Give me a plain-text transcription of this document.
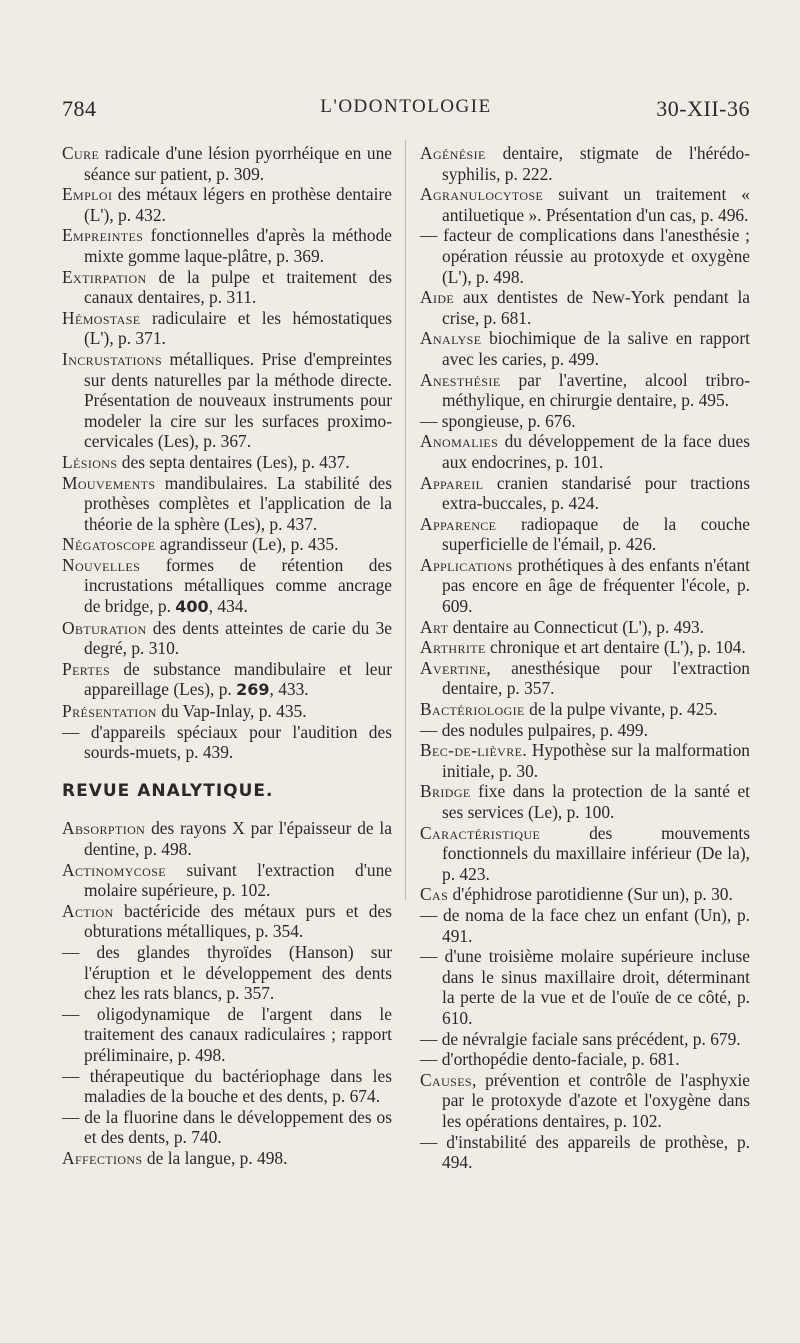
784	L'ODONTOLOGIE	30-XII-36

Cure radicale d'une lésion pyorrhéique en une séance sur patient, p. 309.

Emploi des métaux légers en prothèse dentaire (L'), p. 432.

Empreintes fonctionnelles d'après la méthode mixte gomme laque-plâtre, p. 369.

Extirpation de la pulpe et traitement des canaux dentaires, p. 311.

Hémostase radiculaire et les hémostatiques (L'), p. 371.

Incrustations métalliques. Prise d'empreintes sur dents naturelles par la méthode directe. Présentation de nouveaux instruments pour modeler la cire sur les surfaces proximo-cervicales (Les), p. 367.

Lésions des septa dentaires (Les), p. 437.

Mouvements mandibulaires. La stabilité des prothèses complètes et l'application de la théorie de la sphère (Les), p. 437.

Négatoscope agrandisseur (Le), p. 435.

Nouvelles formes de rétention des incrustations métalliques comme ancrage de bridge, p. 400, 434.

Obturation des dents atteintes de carie du 3e degré, p. 310.

Pertes de substance mandibulaire et leur appareillage (Les), p. 269, 433.

Présentation du Vap-Inlay, p. 435.

— d'appareils spéciaux pour l'audition des sourds-muets, p. 439.

REVUE ANALYTIQUE.

Absorption des rayons X par l'épaisseur de la dentine, p. 498.

Actinomycose suivant l'extraction d'une molaire supérieure, p. 102.

Action bactéricide des métaux purs et des obturations métalliques, p. 354.

— des glandes thyroïdes (Hanson) sur l'éruption et le développement des dents chez les rats blancs, p. 357.

— oligodynamique de l'argent dans le traitement des canaux radiculaires ; rapport préliminaire, p. 498.

— thérapeutique du bactériophage dans les maladies de la bouche et des dents, p. 674.

— de la fluorine dans le développement des os et des dents, p. 740.

Affections de la langue, p. 498.

Agénésie dentaire, stigmate de l'hérédo-syphilis, p. 222.

Agranulocytose suivant un traitement « antiluetique ». Présentation d'un cas, p. 496.

— facteur de complications dans l'anesthésie ; opération réussie au protoxyde et oxygène (L'), p. 498.

Aide aux dentistes de New-York pendant la crise, p. 681.

Analyse biochimique de la salive en rapport avec les caries, p. 499.

Anesthésie par l'avertine, alcool tribro-méthylique, en chirurgie dentaire, p. 495.

— spongieuse, p. 676.

Anomalies du développement de la face dues aux endocrines, p. 101.

Appareil cranien standarisé pour tractions extra-buccales, p. 424.

Apparence radiopaque de la couche superficielle de l'émail, p. 426.

Applications prothétiques à des enfants n'étant pas encore en âge de fréquenter l'école, p. 609.

Art dentaire au Connecticut (L'), p. 493.

Arthrite chronique et art dentaire (L'), p. 104.

Avertine, anesthésique pour l'extraction dentaire, p. 357.

Bactériologie de la pulpe vivante, p. 425.

— des nodules pulpaires, p. 499.

Bec-de-lièvre. Hypothèse sur la malformation initiale, p. 30.

Bridge fixe dans la protection de la santé et ses services (Le), p. 100.

Caractéristique des mouvements fonctionnels du maxillaire inférieur (De la), p. 423.

Cas d'éphidrose parotidienne (Sur un), p. 30.

— de noma de la face chez un enfant (Un), p. 491.

— d'une troisième molaire supérieure incluse dans le sinus maxillaire droit, déterminant la perte de la vue et de l'ouïe de ce côté, p. 610.

— de névralgie faciale sans précédent, p. 679.

— d'orthopédie dento-faciale, p. 681.

Causes, prévention et contrôle de l'asphyxie par le protoxyde d'azote et l'oxygène dans les opérations dentaires, p. 102.

— d'instabilité des appareils de prothèse, p. 494.
